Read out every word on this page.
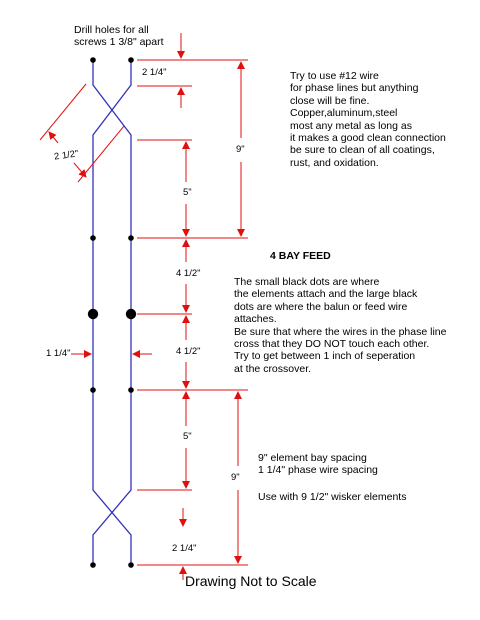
2 1/4"
2 1/2"	9"
5"
4 1/2"
1 1/4"	4 1/2"
5"
9"
2 1/4"
Drill holes for all
screws 1 3/8" apart
Try to use #12 wire
for phase lines but anything
close will be fine.
Copper,aluminum,steel
most any metal as long as
it makes a good clean connection
be sure to clean of all coatings,
rust, and oxidation.
4 BAY FEED
The small black dots are where
the elements attach and the large black
dots are where the balun or feed wire
attaches.
Be sure that where the wires in the phase line
cross that they DO NOT touch each other.
Try to get between 1 inch of seperation
at the crossover.
9" element bay spacing
1 1/4" phase wire spacing
Use with 9 1/2" wisker elements
Drawing Not to Scale
